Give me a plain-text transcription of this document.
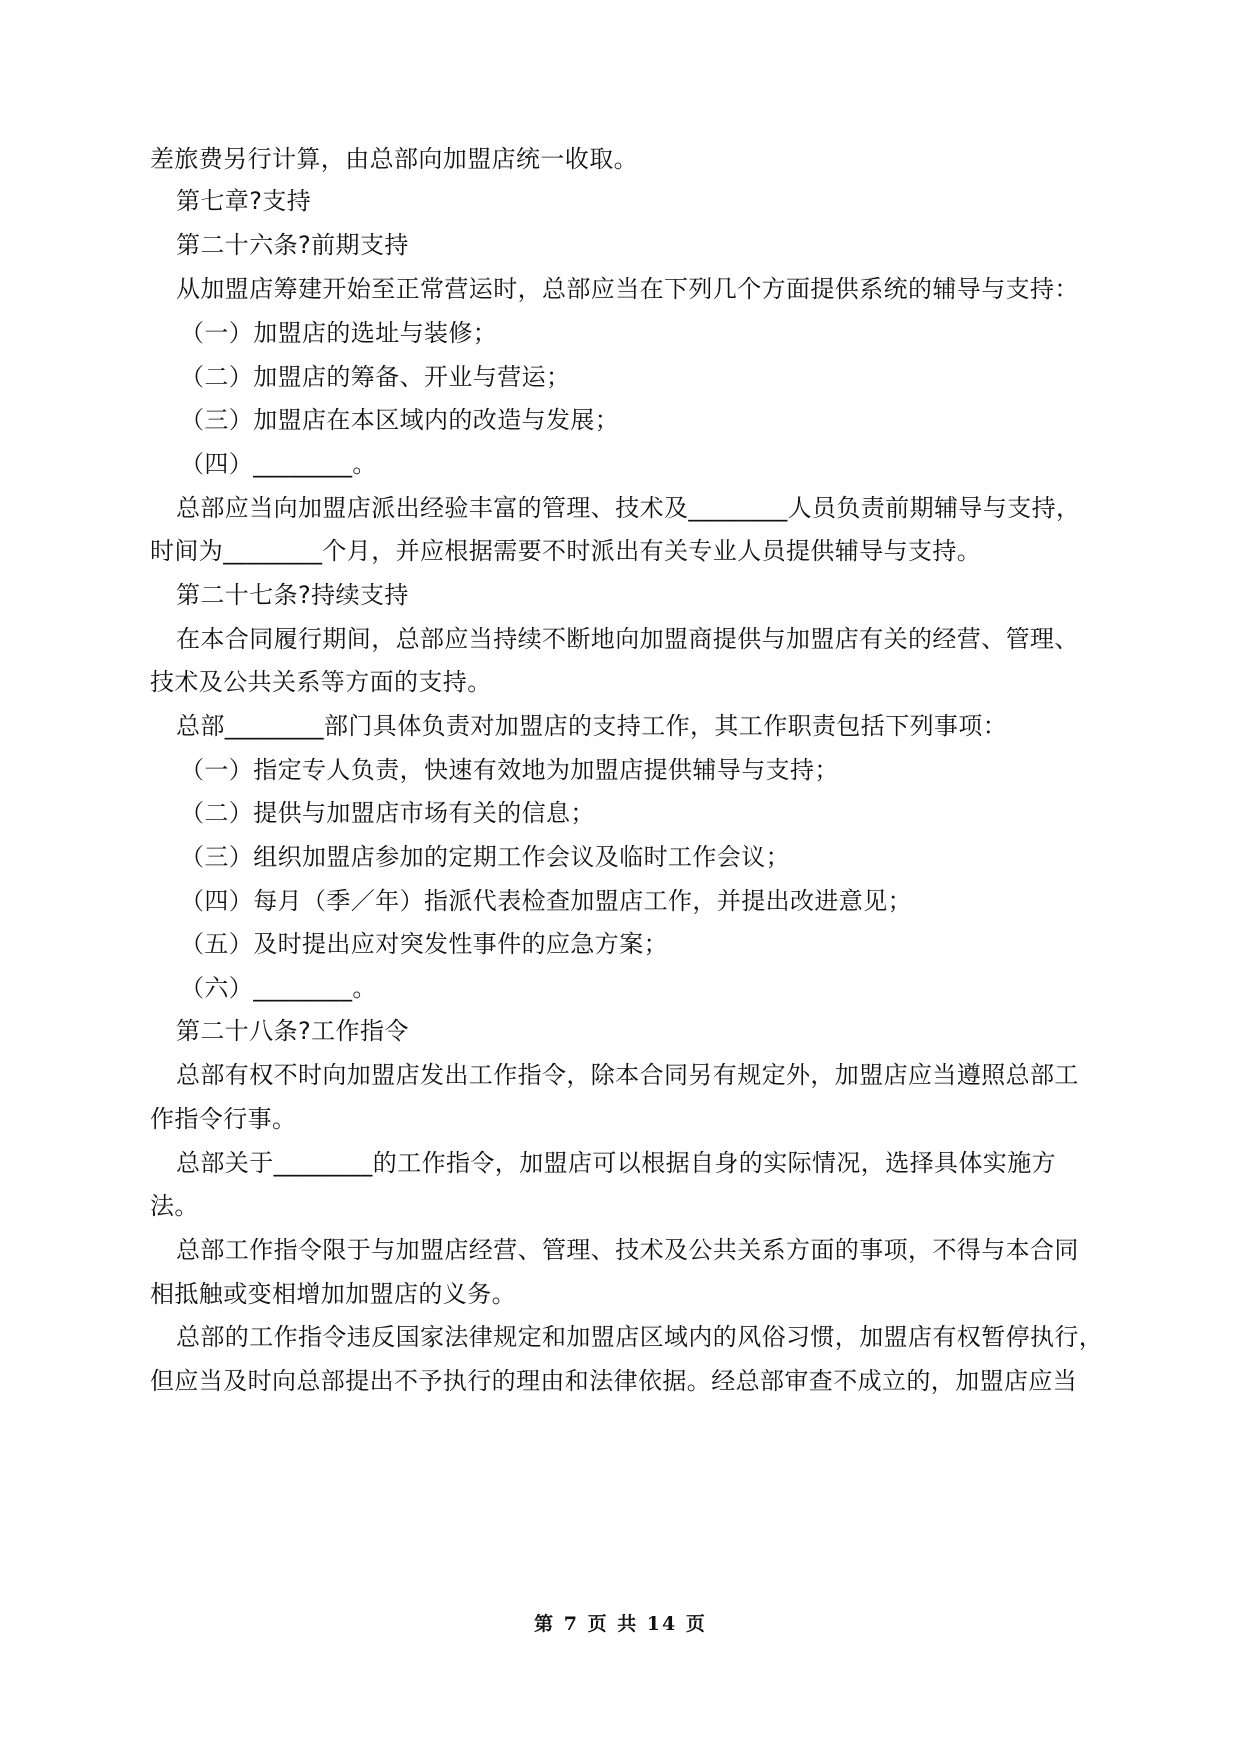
差旅费另行计算，由总部向加盟店统一收取。
第七章?支持
第二十六条?前期支持
从加盟店筹建开始至正常营运时，总部应当在下列几个方面提供系统的辅导与支持：
（一）加盟店的选址与装修；
（二）加盟店的筹备、开业与营运；
（三）加盟店在本区域内的改造与发展；
（四）________。
总部应当向加盟店派出经验丰富的管理、技术及________人员负责前期辅导与支持，
时间为________个月，并应根据需要不时派出有关专业人员提供辅导与支持。
第二十七条?持续支持
在本合同履行期间，总部应当持续不断地向加盟商提供与加盟店有关的经营、管理、
技术及公共关系等方面的支持。
总部________部门具体负责对加盟店的支持工作，其工作职责包括下列事项：
（一）指定专人负责，快速有效地为加盟店提供辅导与支持；
（二）提供与加盟店市场有关的信息；
（三）组织加盟店参加的定期工作会议及临时工作会议；
（四）每月（季／年）指派代表检查加盟店工作，并提出改进意见；
（五）及时提出应对突发性事件的应急方案；
（六）________。
第二十八条?工作指令
总部有权不时向加盟店发出工作指令，除本合同另有规定外，加盟店应当遵照总部工
作指令行事。
总部关于________的工作指令，加盟店可以根据自身的实际情况，选择具体实施方
法。
总部工作指令限于与加盟店经营、管理、技术及公共关系方面的事项，不得与本合同
相抵触或变相增加加盟店的义务。
总部的工作指令违反国家法律规定和加盟店区域内的风俗习惯，加盟店有权暂停执行，
但应当及时向总部提出不予执行的理由和法律依据。经总部审查不成立的，加盟店应当
第 7 页 共 14 页
